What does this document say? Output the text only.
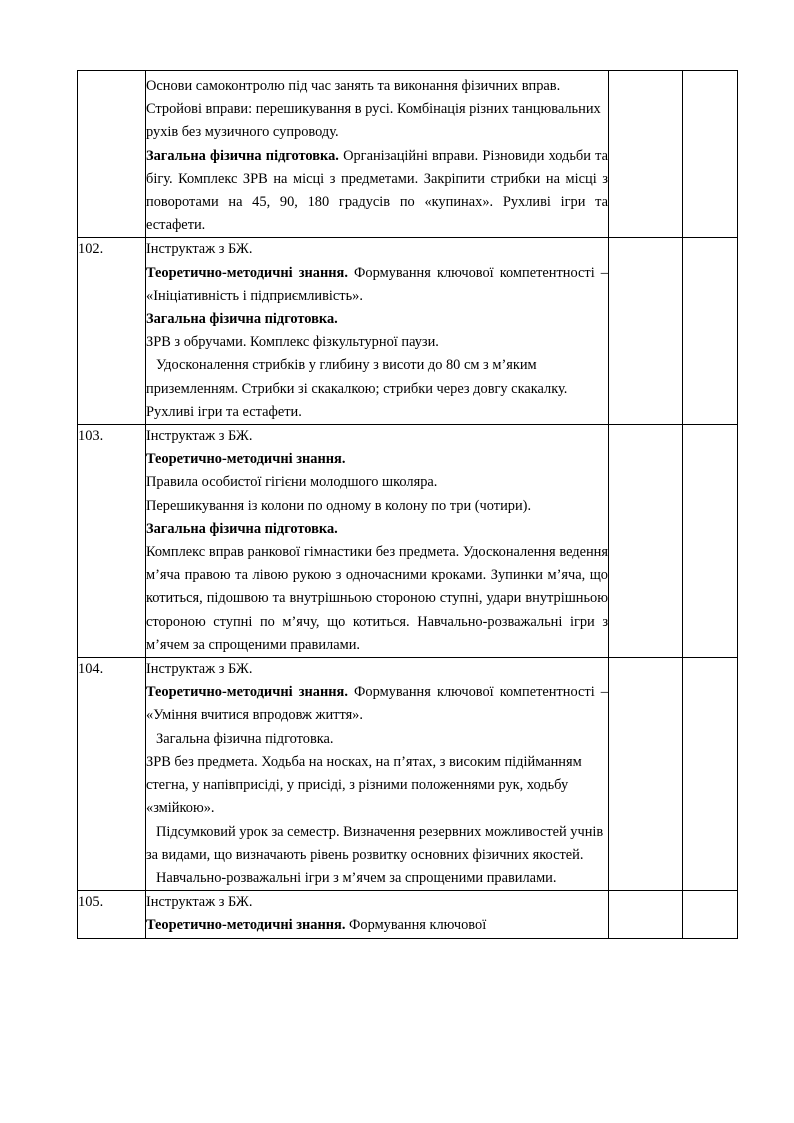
	Основи самоконтролю під час занять та виконання фізичних вправ. Стройові вправи: перешикування в русі. Комбінація різних танцювальних рухів без музичного супроводу.

Загальна фізична підготовка. Організаційні вправи. Різновиди ходьби та бігу. Комплекс ЗРВ на місці з предметами. Закріпити стрибки на місці з поворотами на 45, 90, 180 градусів по «купинах». Рухливі ігри та естафети.		

102.	Інструктаж з БЖ.

Теоретично-методичні знання. Формування ключової компетентності – «Ініціативність і підприємливість».

Загальна фізична підготовка.

ЗРВ з обручами. Комплекс фізкультурної паузи.

Удосконалення стрибків у глибину з висоти до 80 см з м’яким приземленням. Стрибки зі скакалкою; стрибки через довгу скакалку. Рухливі ігри та естафети.		

103.	Інструктаж з БЖ.

Теоретично-методичні знання.

Правила особистої гігієни молодшого школяра.

Перешикування із колони по одному в колону по три (чотири).

Загальна фізична підготовка.

Комплекс вправ ранкової гімнастики без предмета. Удосконалення ведення м’яча правою та лівою рукою з одночасними кроками. Зупинки м’яча, що котиться, підошвою та внутрішньою стороною ступні, удари внутрішньою стороною ступні по м’ячу, що котиться. Навчально-розважальні ігри з м’ячем за спрощеними правилами.

104.	Інструктаж з БЖ.

Теоретично-методичні знання. Формування ключової компетентності – «Уміння вчитися впродовж життя».

Загальна фізична підготовка.

ЗРВ без предмета. Ходьба на носках, на п’ятах, з високим підійманням стегна, у напівприсіді, у присіді, з різними положеннями рук, ходьбу «змійкою».

Підсумковий урок за семестр. Визначення резервних можливостей учнів за видами, що визначають рівень розвитку основних фізичних якостей.

Навчально-розважальні ігри з м’ячем за спрощеними правилами.

105.	Інструктаж з БЖ.

Теоретично-методичні знання. Формування ключової		
